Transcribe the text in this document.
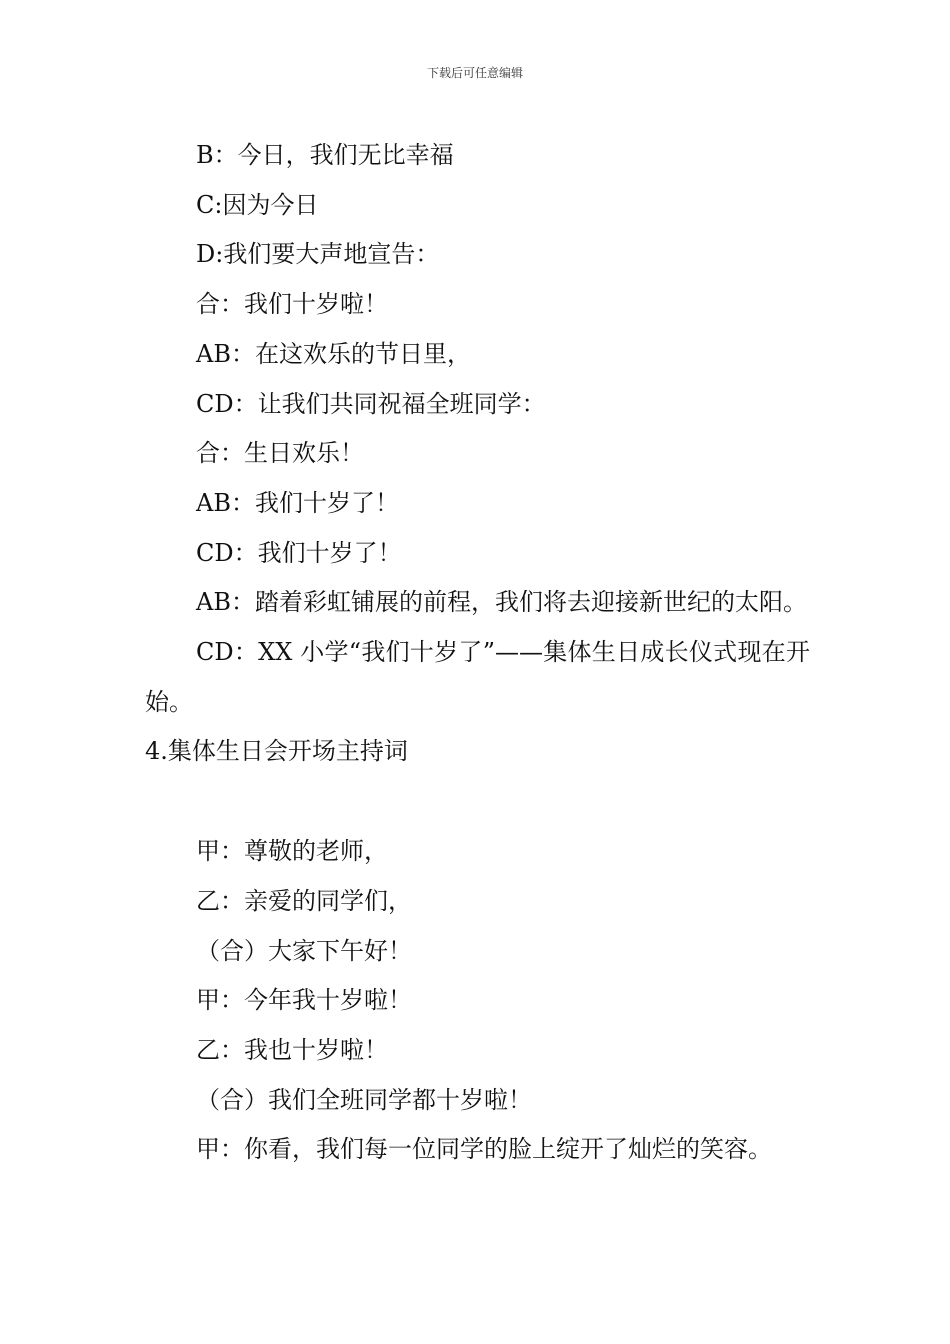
下载后可任意编辑

B：今日，我们无比幸福

C:因为今日

D:我们要大声地宣告：

合：我们十岁啦！

AB：在这欢乐的节日里，

CD：让我们共同祝福全班同学：

合：生日欢乐！

AB：我们十岁了！

CD：我们十岁了！

AB：踏着彩虹铺展的前程，我们将去迎接新世纪的太阳。

CD：XX 小学“我们十岁了”——集体生日成长仪式现在开始。

4.集体生日会开场主持词

甲：尊敬的老师，

乙：亲爱的同学们，

（合）大家下午好！

甲：今年我十岁啦！

乙：我也十岁啦！

（合）我们全班同学都十岁啦！

甲：你看，我们每一位同学的脸上绽开了灿烂的笑容。
